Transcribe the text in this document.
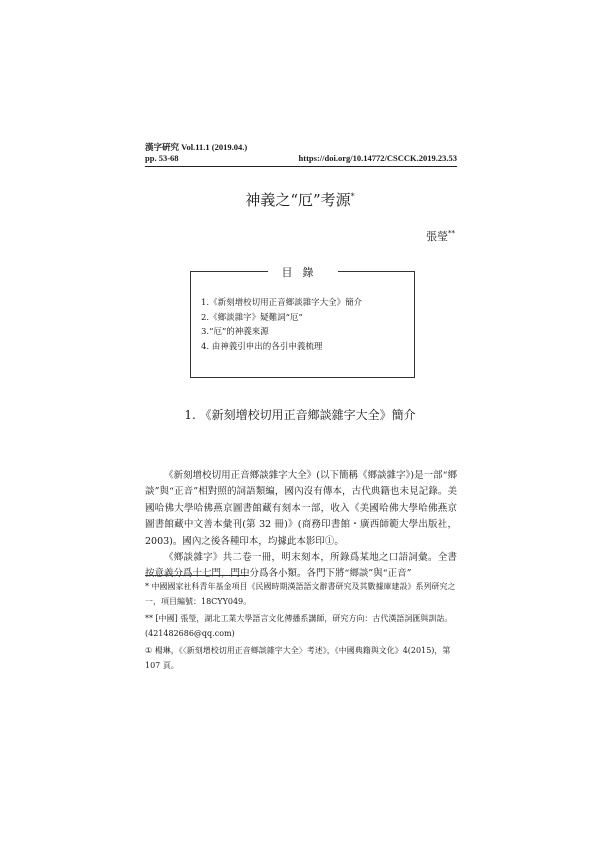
漢字硏究 Vol.11.1 (2019.04.)
pp. 53-68	https://doi.org/10.14772/CSCCK.2019.23.53
神義之“厄”考源*
張瑩**
目錄
1.《新刻增校切用正音鄉談雜字大全》簡介
2.《鄉談雜字》疑難詞“厄”
3.“厄”的神義來源
4. 由神義引申出的各引申義梳理
1. 《新刻增校切用正音鄉談雜字大全》簡介

《新刻增校切用正音鄉談雜字大全》(以下簡稱《鄉談雜字》)是一部“鄉談”與“正音”相對照的詞語類編，國內沒有傳本，古代典籍也未見記錄。美國哈佛大學哈佛燕京圖書館藏有刻本一部，收入《美國哈佛大學哈佛燕京圖書館藏中文善本彙刊(第 32 冊)》(商務印書館・廣西師範大學出版社，2003)。國內之後各種印本，均據此本影印①。

《鄉談雜字》共二卷一冊，明末刻本，所錄爲某地之口語詞彙。全書按意義分爲十七門，門中分爲各小類。各門下將“鄉談”與“正音”

* 中國國家社科青年基金項目《民國時期漢語語文辭書研究及其數據庫建設》系列研究之一，項目編號：18CYY049。
** [中國] 張瑩，湖北工業大學語言文化傳播系講師，研究方向：古代漢語詞匯與訓詁。(421482686@qq.com)
① 楊琳，《〈新刻增校切用正音鄉談雜字大全〉考述》，《中國典籍與文化》4(2015)，第 107 頁。
